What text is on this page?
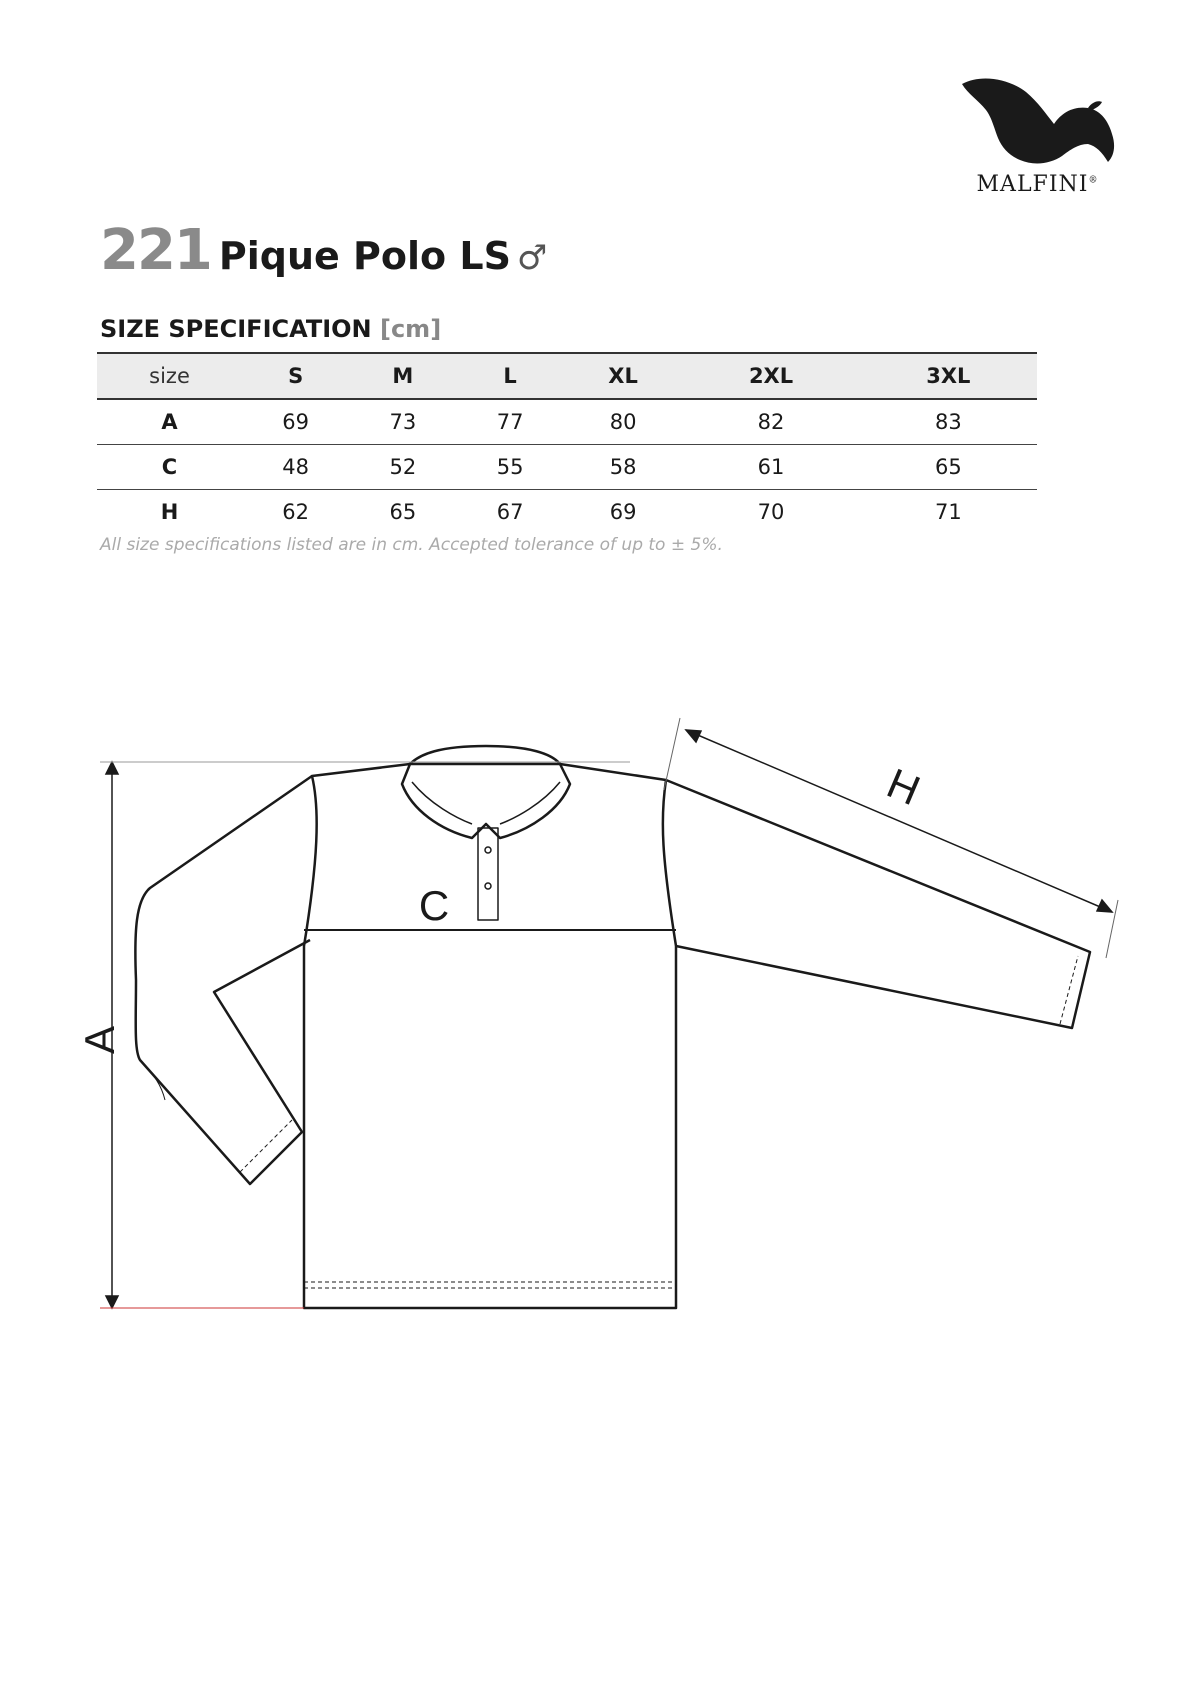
MALFINI®
221 Pique Polo LS ♂
SIZE SPECIFICATION [cm]
size	S	M	L	XL	2XL	3XL
A	69	73	77	80	82	83
C	48	52	55	58	61	65
H	62	65	67	69	70	71
All size specifications listed are in cm. Accepted tolerance of up to ± 5%.
A
C
H
